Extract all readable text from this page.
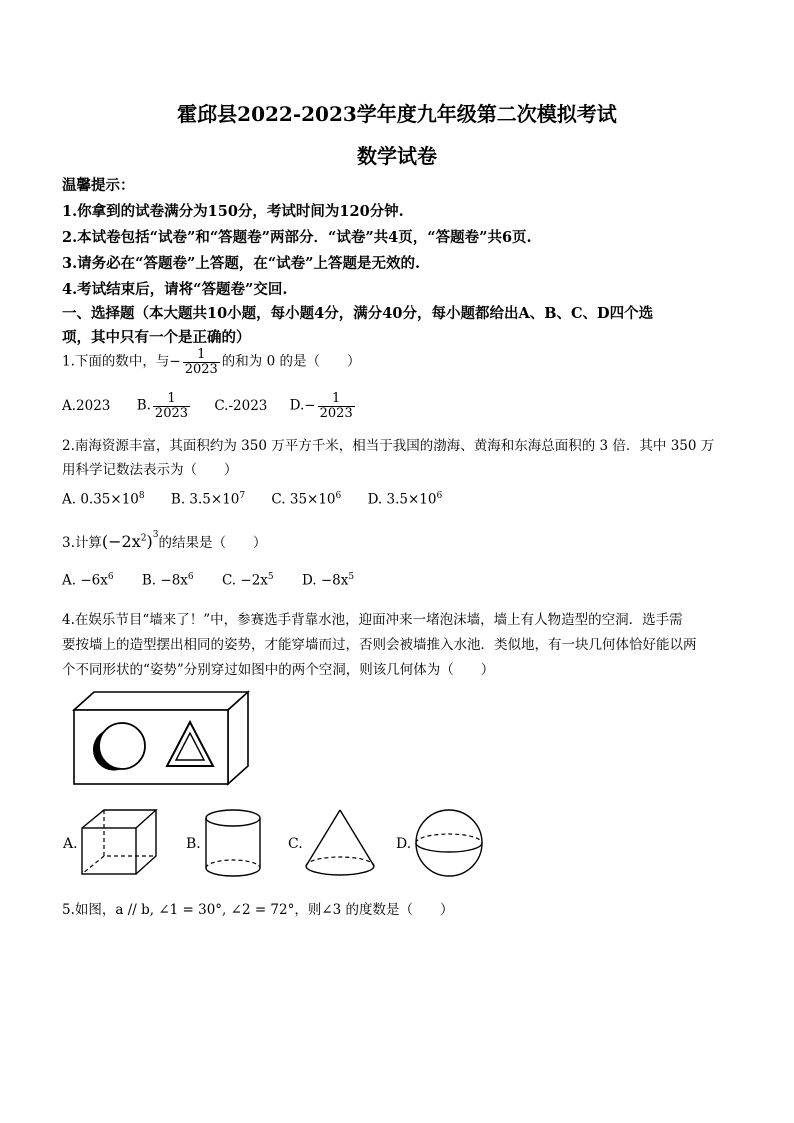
霍邱县2022-2023学年度九年级第二次模拟考试
数学试卷
温馨提示：
1.你拿到的试卷满分为150分，考试时间为120分钟.
2.本试卷包括“试卷”和“答题卷”两部分．“试卷”共4页，“答题卷”共6页.
3.请务必在“答题卷”上答题，在“试卷”上答题是无效的.
4.考试结束后，请将“答题卷”交回.
一、选择题（本大题共10小题，每小题4分，满分40分，每小题都给出A、B、C、D四个选
项，其中只有一个是正确的）
1.下面的数中，与− $\frac{1}{2023}$ 的和为 0 的是（　　）
A.2023 B. $\frac{1}{2023} C.-2023$ $D.- \frac{1}{2023}$
2.南海资源丰富，其面积约为 350 万平方千米，相当于我国的渤海、黄海和东海总面积的 3 倍．其中 350 万
用科学记数法表示为（　　）
A. $0.35\times 10^8$ B. $3.5\times 10^7$ C. $35\times 10^6$ D. $3.5\times 10^6$
3.计算$(-2x^2)^3$的结果是（　　）
A. $-6x^6$ B. $-8x^6$ C. $-2x^5$ D. $-8x^5$
4.在娱乐节目“墙来了！”中，参赛选手背靠水池，迎面冲来一堵泡沫墙，墙上有人物造型的空洞．选手需
要按墙上的造型摆出相同的姿势，才能穿墙而过，否则会被墙推入水池．类似地，有一块几何体恰好能以两
个不同形状的“姿势”分别穿过如图中的两个空洞，则该几何体为（　　）
A.	B.	C.	D.
5.如图，a // b, ∠1 = 30°, ∠2 = 72°，则∠3 的度数是（　　）
